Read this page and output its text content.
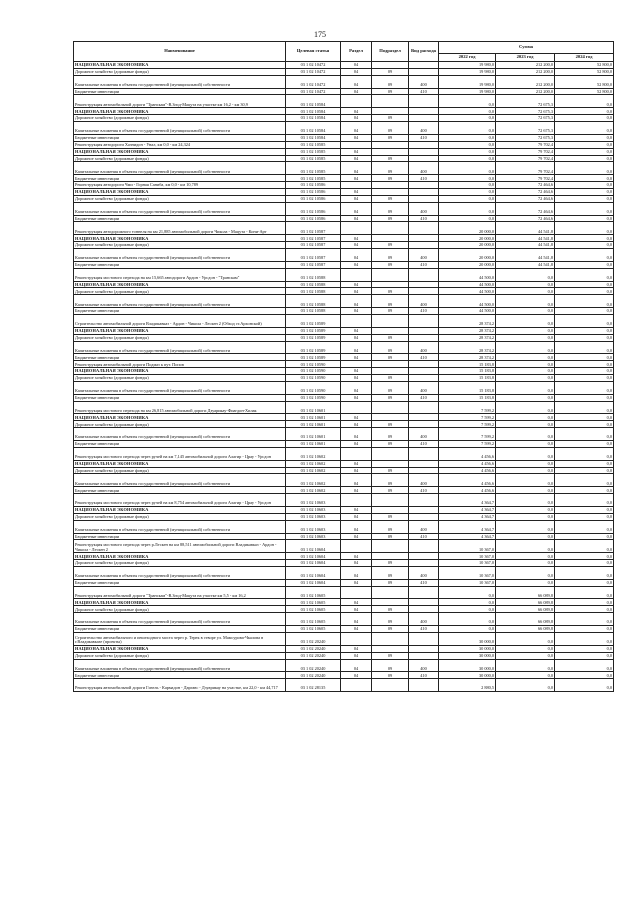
175
Наименование	Целевая статья	Раздел	Подраздел	Вид расхода	Сумма		
					2022 год	2023 год	2024 год
НАЦИОНАЛЬНАЯ ЭКОНОМИКА	03 1 02 10472	04			19 980,0	212 200,0	52 800,0
Дорожное хозяйство (дорожные фонды)	03 1 02 10472	04	09		19 980,0	212 200,0	52 800,0
Капитальные вложения в объекты государственной (муниципальной) собственности	03 1 02 10472	04	09	400	19 980,0	212 200,0	52 800,0
Бюджетные инвестиции	03 1 02 10472	04	09	410	19 980,0	212 200,0	52 800,0
Реконструкция автомобильной дороги "Транскам"-В.Згид-Мацута на участке км 16,2 - км 30,9	03 1 02 10584				0,0	72 675,3	0,0
НАЦИОНАЛЬНАЯ ЭКОНОМИКА	03 1 02 10584	04			0,0	72 675,3	0,0
Дорожное хозяйство (дорожные фонды)	03 1 02 10584	04	09		0,0	72 675,3	0,0
Капитальные вложения в объекты государственной (муниципальной) собственности	03 1 02 10584	04	09	400	0,0	72 675,3	0,0
Бюджетные инвестиции	03 1 02 10584	04	09	410	0,0	72 675,3	0,0
Реконструкция автодороги Хазнидон - Унал, км 0,0 - км 24,324	03 1 02 10585				0,0	79 702,4	0,0
НАЦИОНАЛЬНАЯ ЭКОНОМИКА	03 1 02 10585	04			0,0	79 702,4	0,0
Дорожное хозяйство (дорожные фонды)	03 1 02 10585	04	09		0,0	79 702,4	0,0
Капитальные вложения в объекты государственной (муниципальной) собственности	03 1 02 10585	04	09	400	0,0	79 702,4	0,0
Бюджетные инвестиции	03 1 02 10585	04	09	410	0,0	79 702,4	0,0
Реконструкция автодороги Чми - Горная Саниба, км 0,0 - км 10,789	03 1 02 10586				0,0	72 464,6	0,0
НАЦИОНАЛЬНАЯ ЭКОНОМИКА	03 1 02 10586	04			0,0	72 464,6	0,0
Дорожное хозяйство (дорожные фонды)	03 1 02 10586	04	09		0,0	72 464,6	0,0
Капитальные вложения в объекты государственной (муниципальной) собственности	03 1 02 10586	04	09	400	0,0	72 464,6	0,0
Бюджетные инвестиции	03 1 02 10586	04	09	410	0,0	72 464,6	0,0
Реконструкция автодорожного тоннеля на км 21,885 автомобильной дороги Чикола - Мацута - Кони-Арт	03 1 02 10587				20 000,0	44 541,8	0,0
НАЦИОНАЛЬНАЯ ЭКОНОМИКА	03 1 02 10587	04			20 000,0	44 541,8	0,0
Дорожное хозяйство (дорожные фонды)	03 1 02 10587	04	09		20 000,0	44 541,8	0,0
Капитальные вложения в объекты государственной (муниципальной) собственности	03 1 02 10587	04	09	400	20 000,0	44 541,8	0,0
Бюджетные инвестиции	03 1 02 10587	04	09	410	20 000,0	44 541,8	0,0
Реконструкция мостового перехода на км 15,665 автодороги Ардон - Урсдон - "Транскам"	03 1 02 10588				44 500,0	0,0	0,0
НАЦИОНАЛЬНАЯ ЭКОНОМИКА	03 1 02 10588	04			44 500,0	0,0	0,0
Дорожное хозяйство (дорожные фонды)	03 1 02 10588	04	09		44 500,0	0,0	0,0
Капитальные вложения в объекты государственной (муниципальной) собственности	03 1 02 10588	04	09	400	44 500,0	0,0	0,0
Бюджетные инвестиции	03 1 02 10588	04	09	410	44 500,0	0,0	0,0
Строительство автомобильной дороги Владикавказ - Ардон - Чикола - Лескен 2 (Обход ст.Архонской)	03 1 02 10589				28 374,2	0,0	0,0
НАЦИОНАЛЬНАЯ ЭКОНОМИКА	03 1 02 10589	04			28 374,2	0,0	0,0
Дорожное хозяйство (дорожные фонды)	03 1 02 10589	04	09		28 374,2	0,0	0,0
Капитальные вложения в объекты государственной (муниципальной) собственности	03 1 02 10589	04	09	400	28 374,2	0,0	0,0
Бюджетные инвестиции	03 1 02 10589	04	09	410	28 374,2	0,0	0,0
Реконструкция автомобильной дороги Подмаз к пут. Попов	03 1 02 10590				15 183,8	0,0	0,0
НАЦИОНАЛЬНАЯ ЭКОНОМИКА	03 1 02 10590	04			15 183,8	0,0	0,0
Дорожное хозяйство (дорожные фонды)	03 1 02 10590	04	09		15 183,8	0,0	0,0
Капитальные вложения в объекты государственной (муниципальной) собственности	03 1 02 10590	04	09	400	15 183,8	0,0	0,0
Бюджетные инвестиции	03 1 02 10590	04	09	410	15 183,8	0,0	0,0
Реконструкция мостового перехода на км 26,815 автомобильной дороги Дзуарикау-Фиагдон-Хилак	03 1 02 10601				7 599,2	0,0	0,0
НАЦИОНАЛЬНАЯ ЭКОНОМИКА	03 1 02 10601	04			7 599,2	0,0	0,0
Дорожное хозяйство (дорожные фонды)	03 1 02 10601	04	09		7 599,2	0,0	0,0
Капитальные вложения в объекты государственной (муниципальной) собственности	03 1 02 10601	04	09	400	7 599,2	0,0	0,0
Бюджетные инвестиции	03 1 02 10601	04	09	410	7 599,2	0,0	0,0
Реконструкция мостового перехода через ручей на км 7,145 автомобильной дороги Алагир - Црау - Урсдон	03 1 02 10602				4 456,6	0,0	0,0
НАЦИОНАЛЬНАЯ ЭКОНОМИКА	03 1 02 10602	04			4 456,6	0,0	0,0
Дорожное хозяйство (дорожные фонды)	03 1 02 10602	04	09		4 456,6	0,0	0,0
Капитальные вложения в объекты государственной (муниципальной) собственности	03 1 02 10602	04	09	400	4 456,6	0,0	0,0
Бюджетные инвестиции	03 1 02 10602	04	09	410	4 456,6	0,0	0,0
Реконструкция мостового перехода через ручей на км 8,754 автомобильной дороги Алагир - Црау - Урсдон	03 1 02 10603				4 364,7	0,0	0,0
НАЦИОНАЛЬНАЯ ЭКОНОМИКА	03 1 02 10603	04			4 364,7	0,0	0,0
Дорожное хозяйство (дорожные фонды)	03 1 02 10603	04	09		4 364,7	0,0	0,0
Капитальные вложения в объекты государственной (муниципальной) собственности	03 1 02 10603	04	09	400	4 364,7	0,0	0,0
Бюджетные инвестиции	03 1 02 10603	04	09	410	4 364,7	0,0	0,0
Реконструкция мостового перехода через р.Лескен на км 88,511 автомобильной дороги Владикавказ - Ардон - Чикола - Лескен 2	03 1 02 10604				10 367,0	0,0	0,0
НАЦИОНАЛЬНАЯ ЭКОНОМИКА	03 1 02 10604	04			10 367,0	0,0	0,0
Дорожное хозяйство (дорожные фонды)	03 1 02 10604	04	09		10 367,0	0,0	0,0
Капитальные вложения в объекты государственной (муниципальной) собственности	03 1 02 10604	04	09	400	10 367,0	0,0	0,0
Бюджетные инвестиции	03 1 02 10604	04	09	410	10 367,0	0,0	0,0
Реконструкция автомобильной дороги "Транскам"-В.Згид-Мацута на участке км 5,5 - км 16,2	03 1 02 10605				0,0	66 089,8	0,0
НАЦИОНАЛЬНАЯ ЭКОНОМИКА	03 1 02 10605	04			0,0	66 089,8	0,0
Дорожное хозяйство (дорожные фонды)	03 1 02 10605	04	09		0,0	66 089,8	0,0
Капитальные вложения в объекты государственной (муниципальной) собственности	03 1 02 10605	04	09	400	0,0	66 089,8	0,0
Бюджетные инвестиции	03 1 02 10605	04	09	410	0,0	66 089,8	0,0
Строительство автомобильного и пешеходного моста через р. Терек в створе ул. Мамсурова-Чкалова в г.Владикавказе (проекты)	03 1 02 20240				30 000,0	0,0	0,0
НАЦИОНАЛЬНАЯ ЭКОНОМИКА	03 1 02 20240	04			30 000,0	0,0	0,0
Дорожное хозяйство (дорожные фонды)	03 1 02 20240	04	09		30 000,0	0,0	0,0
Капитальные вложения в объекты государственной (муниципальной) собственности	03 1 02 20240	04	09	400	30 000,0	0,0	0,0
Бюджетные инвестиции	03 1 02 20240	04	09	410	30 000,0	0,0	0,0
Реконструкция автомобильной дороги Гизель - Кармадон - Даргавс - Дзуарикау на участке, км 22,0 - км 44,717	03 1 02 28135				2 880,5	0,0	0,0
